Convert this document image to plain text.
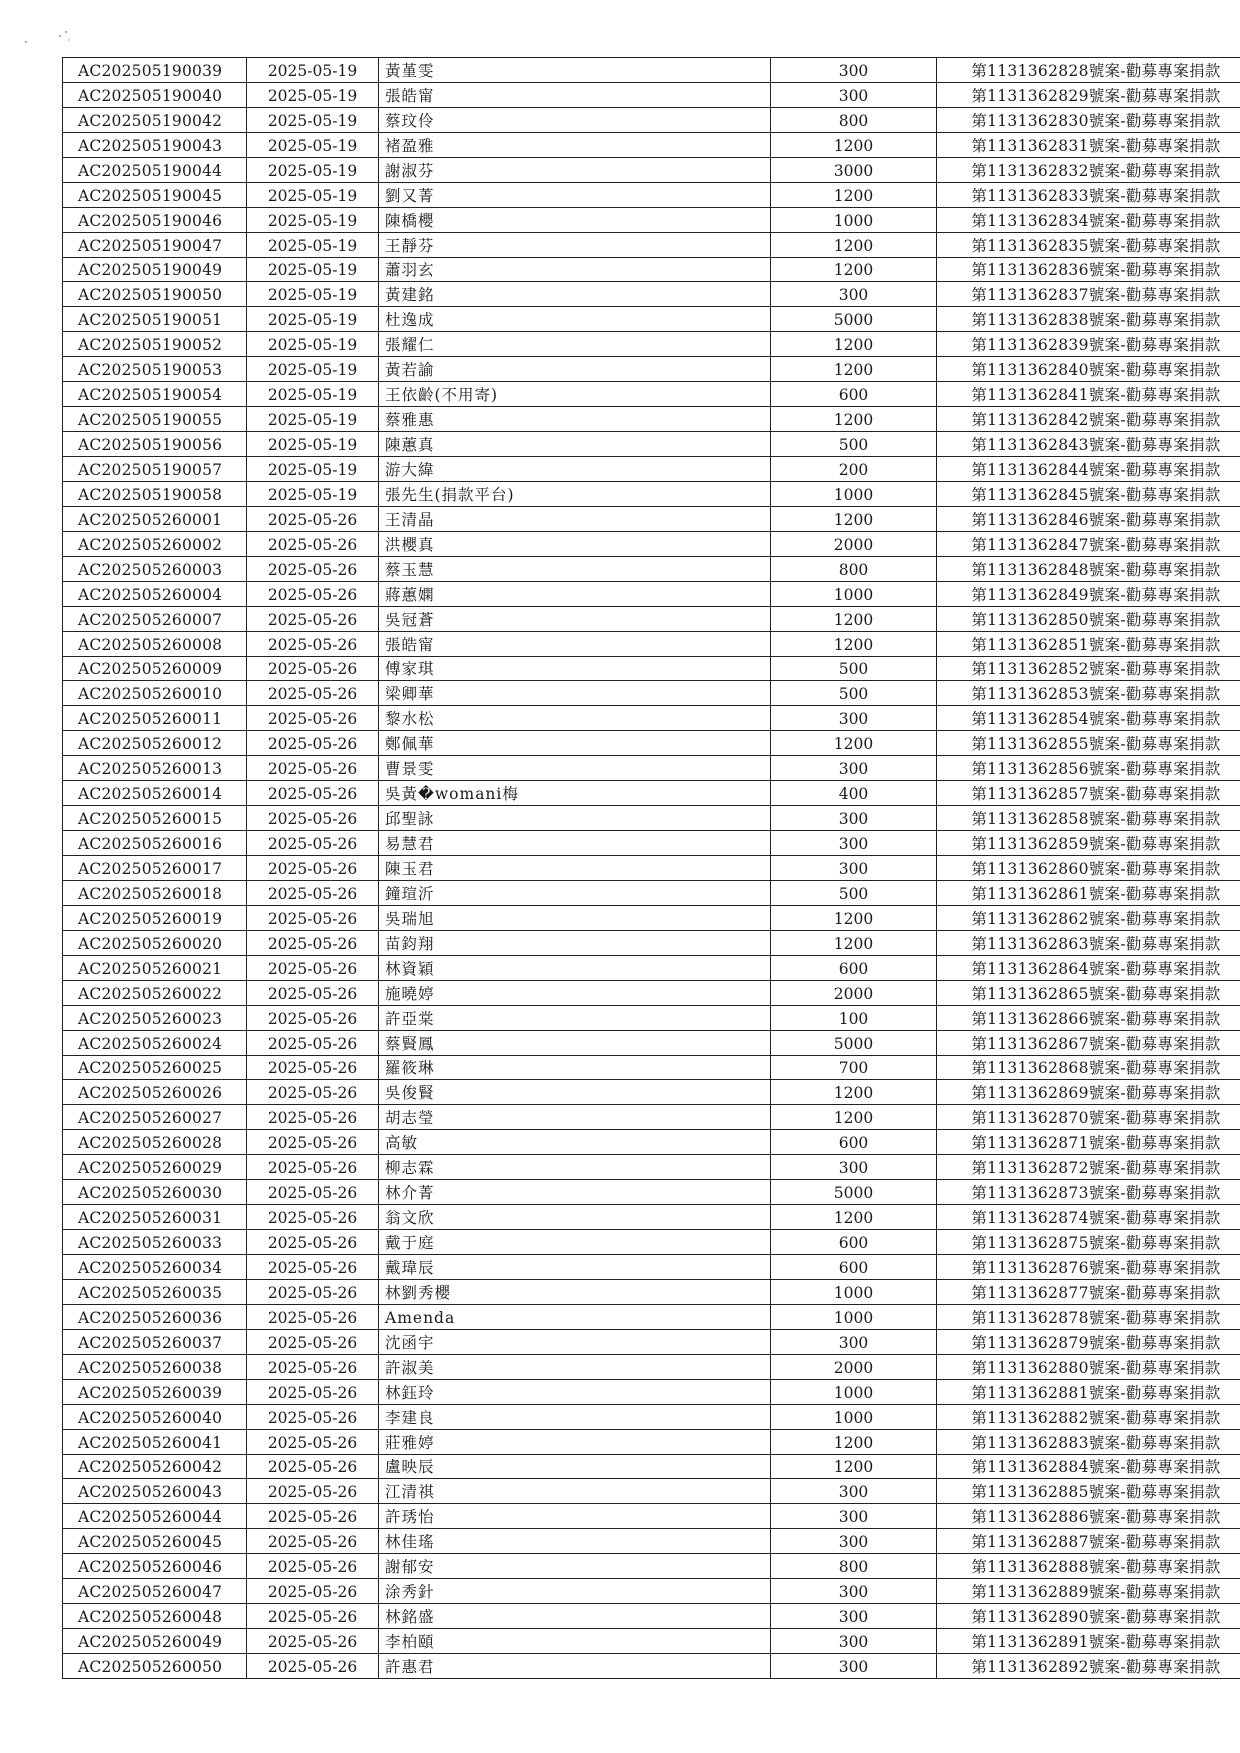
AC202505190039	2025-05-19	黃堇雯	300	第1131362828號案-勸募專案捐款
AC202505190040	2025-05-19	張皓甯	300	第1131362829號案-勸募專案捐款
AC202505190042	2025-05-19	蔡玟伶	800	第1131362830號案-勸募專案捐款
AC202505190043	2025-05-19	褚盈雅	1200	第1131362831號案-勸募專案捐款
AC202505190044	2025-05-19	謝淑芬	3000	第1131362832號案-勸募專案捐款
AC202505190045	2025-05-19	劉又菁	1200	第1131362833號案-勸募專案捐款
AC202505190046	2025-05-19	陳橋櫻	1000	第1131362834號案-勸募專案捐款
AC202505190047	2025-05-19	王靜芬	1200	第1131362835號案-勸募專案捐款
AC202505190049	2025-05-19	蕭羽玄	1200	第1131362836號案-勸募專案捐款
AC202505190050	2025-05-19	黃建銘	300	第1131362837號案-勸募專案捐款
AC202505190051	2025-05-19	杜逸成	5000	第1131362838號案-勸募專案捐款
AC202505190052	2025-05-19	張耀仁	1200	第1131362839號案-勸募專案捐款
AC202505190053	2025-05-19	黃若諭	1200	第1131362840號案-勸募專案捐款
AC202505190054	2025-05-19	王依齡(不用寄)	600	第1131362841號案-勸募專案捐款
AC202505190055	2025-05-19	蔡雅惠	1200	第1131362842號案-勸募專案捐款
AC202505190056	2025-05-19	陳蕙真	500	第1131362843號案-勸募專案捐款
AC202505190057	2025-05-19	游大緯	200	第1131362844號案-勸募專案捐款
AC202505190058	2025-05-19	張先生(捐款平台)	1000	第1131362845號案-勸募專案捐款
AC202505260001	2025-05-26	王清晶	1200	第1131362846號案-勸募專案捐款
AC202505260002	2025-05-26	洪櫻真	2000	第1131362847號案-勸募專案捐款
AC202505260003	2025-05-26	蔡玉慧	800	第1131362848號案-勸募專案捐款
AC202505260004	2025-05-26	蔣蕙嫻	1000	第1131362849號案-勸募專案捐款
AC202505260007	2025-05-26	吳冠蒼	1200	第1131362850號案-勸募專案捐款
AC202505260008	2025-05-26	張皓甯	1200	第1131362851號案-勸募專案捐款
AC202505260009	2025-05-26	傅家琪	500	第1131362852號案-勸募專案捐款
AC202505260010	2025-05-26	梁卿華	500	第1131362853號案-勸募專案捐款
AC202505260011	2025-05-26	黎水松	300	第1131362854號案-勸募專案捐款
AC202505260012	2025-05-26	鄭佩華	1200	第1131362855號案-勸募專案捐款
AC202505260013	2025-05-26	曹景雯	300	第1131362856號案-勸募專案捐款
AC202505260014	2025-05-26	吳黃�womani梅	400	第1131362857號案-勸募專案捐款
AC202505260015	2025-05-26	邱聖詠	300	第1131362858號案-勸募專案捐款
AC202505260016	2025-05-26	易慧君	300	第1131362859號案-勸募專案捐款
AC202505260017	2025-05-26	陳玉君	300	第1131362860號案-勸募專案捐款
AC202505260018	2025-05-26	鐘瑄沂	500	第1131362861號案-勸募專案捐款
AC202505260019	2025-05-26	吳瑞旭	1200	第1131362862號案-勸募專案捐款
AC202505260020	2025-05-26	苗鈞翔	1200	第1131362863號案-勸募專案捐款
AC202505260021	2025-05-26	林資穎	600	第1131362864號案-勸募專案捐款
AC202505260022	2025-05-26	施曉婷	2000	第1131362865號案-勸募專案捐款
AC202505260023	2025-05-26	許亞棠	100	第1131362866號案-勸募專案捐款
AC202505260024	2025-05-26	蔡賢鳳	5000	第1131362867號案-勸募專案捐款
AC202505260025	2025-05-26	羅筱琳	700	第1131362868號案-勸募專案捐款
AC202505260026	2025-05-26	吳俊賢	1200	第1131362869號案-勸募專案捐款
AC202505260027	2025-05-26	胡志瑩	1200	第1131362870號案-勸募專案捐款
AC202505260028	2025-05-26	高敏	600	第1131362871號案-勸募專案捐款
AC202505260029	2025-05-26	柳志霖	300	第1131362872號案-勸募專案捐款
AC202505260030	2025-05-26	林介菁	5000	第1131362873號案-勸募專案捐款
AC202505260031	2025-05-26	翁文欣	1200	第1131362874號案-勸募專案捐款
AC202505260033	2025-05-26	戴于庭	600	第1131362875號案-勸募專案捐款
AC202505260034	2025-05-26	戴瑋辰	600	第1131362876號案-勸募專案捐款
AC202505260035	2025-05-26	林劉秀櫻	1000	第1131362877號案-勸募專案捐款
AC202505260036	2025-05-26	Amenda	1000	第1131362878號案-勸募專案捐款
AC202505260037	2025-05-26	沈函宇	300	第1131362879號案-勸募專案捐款
AC202505260038	2025-05-26	許淑美	2000	第1131362880號案-勸募專案捐款
AC202505260039	2025-05-26	林鈺玲	1000	第1131362881號案-勸募專案捐款
AC202505260040	2025-05-26	李建良	1000	第1131362882號案-勸募專案捐款
AC202505260041	2025-05-26	莊雅婷	1200	第1131362883號案-勸募專案捐款
AC202505260042	2025-05-26	盧映辰	1200	第1131362884號案-勸募專案捐款
AC202505260043	2025-05-26	江清祺	300	第1131362885號案-勸募專案捐款
AC202505260044	2025-05-26	許琇怡	300	第1131362886號案-勸募專案捐款
AC202505260045	2025-05-26	林佳瑤	300	第1131362887號案-勸募專案捐款
AC202505260046	2025-05-26	謝郁安	800	第1131362888號案-勸募專案捐款
AC202505260047	2025-05-26	涂秀針	300	第1131362889號案-勸募專案捐款
AC202505260048	2025-05-26	林銘盛	300	第1131362890號案-勸募專案捐款
AC202505260049	2025-05-26	李柏頤	300	第1131362891號案-勸募專案捐款
AC202505260050	2025-05-26	許惠君	300	第1131362892號案-勸募專案捐款
